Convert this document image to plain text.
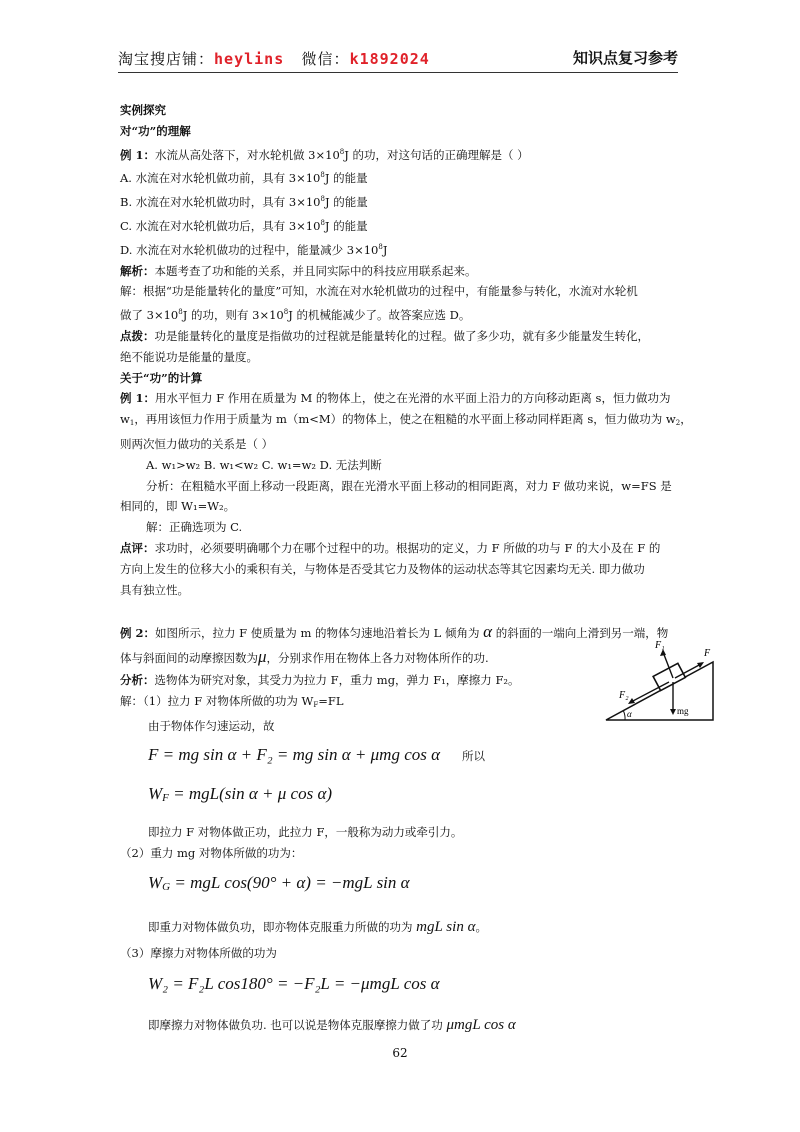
淘宝搜店铺：heylins 微信：k1892024	知识点复习参考
实例探究
对“功”的理解
例 1：水流从高处落下，对水轮机做 $3\times 10^8J$ 的功，对这句话的正确理解是（ ）
A. 水流在对水轮机做功前，具有 $3\times 10^8J$ 的能量
B. 水流在对水轮机做功时，具有 $3\times 10^8J$ 的能量
C. 水流在对水轮机做功后，具有 $3\times 10^8J$ 的能量
D. 水流在对水轮机做功的过程中，能量减少 $3\times 10^8J$
解析：本题考查了功和能的关系，并且同实际中的科技应用联系起来。
解：根据“功是能量转化的量度”可知，水流在对水轮机做功的过程中，有能量参与转化，水流对水轮机
做了 $3\times 10^8J$ 的功，则有 $3\times 10^8J$ 的机械能减少了。故答案应选 D。
点拨：功是能量转化的量度是指做功的过程就是能量转化的过程。做了多少功，就有多少能量发生转化，
绝不能说功是能量的量度。
关于“功”的计算
例 1：用水平恒力 F 作用在质量为 M 的物体上，使之在光滑的水平面上沿力的方向移动距离 s，恒力做功为
$w_1$，再用该恒力作用于质量为 m（m<M）的物体上，使之在粗糙的水平面上移动同样距离 s，恒力做功为 $w_2$，
则两次恒力做功的关系是（ ）
A. w₁>w₂ B. w₁<w₂ C. w₁=w₂ D. 无法判断
分析：在粗糙水平面上移动一段距离，跟在光滑水平面上移动的相同距离，对力 F 做功来说，w=FS 是
相同的，即 W₁=W₂。
解：正确选项为 C.
点评：求功时，必须要明确哪个力在哪个过程中的功。根据功的定义，力 F 所做的功与 F 的大小及在 F 的
方向上发生的位移大小的乘积有关，与物体是否受其它力及物体的运动状态等其它因素均无关. 即力做功
具有独立性。
例 2：如图所示，拉力 F 使质量为 m 的物体匀速地沿着长为 L 倾角为 α 的斜面的一端向上滑到另一端，物
体与斜面间的动摩擦因数为μ，分别求作用在物体上各力对物体所作的功.
分析：选物体为研究对象，其受力为拉力 F，重力 mg，弹力 F₁，摩擦力 F₂。
解：（1）拉力 F 对物体所做的功为 $W_F=FL$
由于物体作匀速运动，故
F = mg sin α + F₂ = mg sin α + μmg cos α 所以
WF = mgL(sin α + μ cos α)
即拉力 F 对物体做正功，此拉力 F，一般称为动力或牵引力。
（2）重力 mg 对物体所做的功为：
WG = mgL cos(90° + α) = −mgL sin α
即重力对物体做负功，即亦物体克服重力所做的功为 mgL sin α。
（3）摩擦力对物体所做的功为
W₂ = F₂L cos180° = −F₂L = −μmgL cos α
即摩擦力对物体做负功. 也可以说是物体克服摩擦力做了功 μmgL cos α
F₁
F
F₂
mg
α
62
